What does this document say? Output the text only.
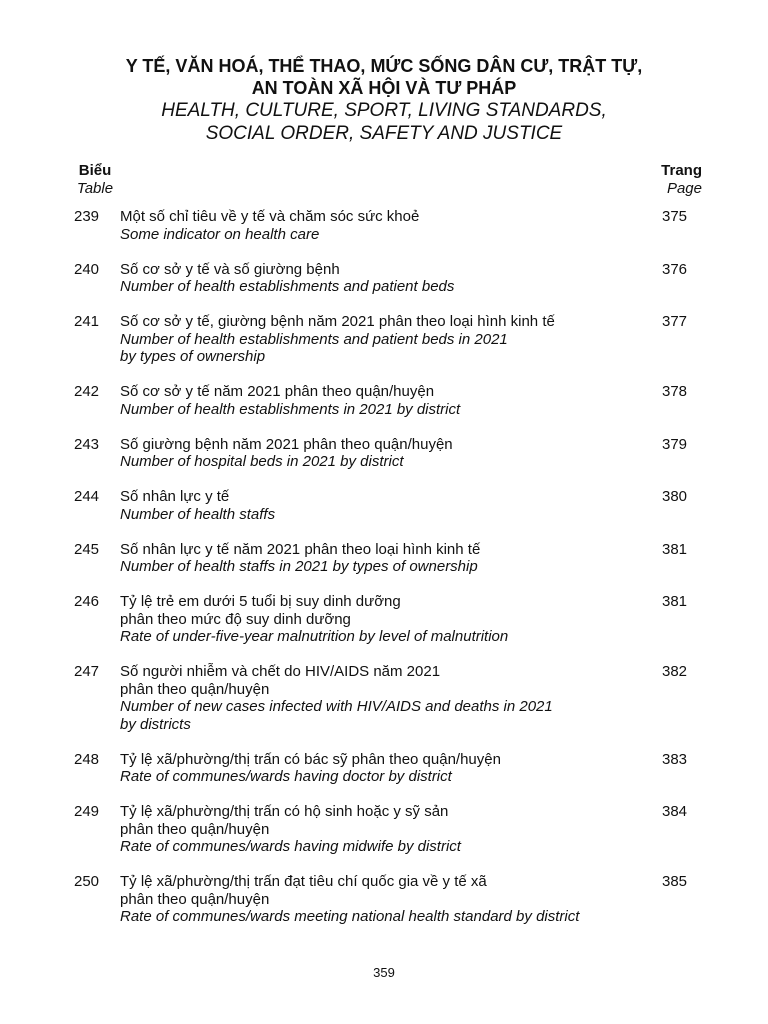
Y TẾ, VĂN HOÁ, THỂ THAO, MỨC SỐNG DÂN CƯ, TRẬT TỰ,

AN TOÀN XÃ HỘI VÀ TƯ PHÁP

HEALTH, CULTURE, SPORT, LIVING STANDARDS,

SOCIAL ORDER, SAFETY AND JUSTICE

Biểu
Table
Trang
Page
239	Một số chỉ tiêu về y tế và chăm sóc sức khoẻ
Some indicator on health care
375
240	Số cơ sở y tế và số giường bệnh
Number of health establishments and patient beds
376
241	Số cơ sở y tế, giường bệnh năm 2021 phân theo loại hình kinh tế
Number of health establishments and patient beds in 2021
by types of ownership
377
242	Số cơ sở y tế năm 2021 phân theo quận/huyện
Number of health establishments in 2021 by district
378
243	Số giường bệnh năm 2021 phân theo quận/huyện
Number of hospital beds in 2021 by district
379
244	Số nhân lực y tế
Number of health staffs
380
245	Số nhân lực y tế năm 2021 phân theo loại hình kinh tế
Number of health staffs in 2021 by types of ownership
381
246	Tỷ lệ trẻ em dưới 5 tuổi bị suy dinh dưỡng
phân theo mức độ suy dinh dưỡng
Rate of under-five-year malnutrition by level of malnutrition
381
247	Số người nhiễm và chết do HIV/AIDS năm 2021
phân theo quận/huyện
Number of new cases infected with HIV/AIDS and deaths in 2021
by districts
382
248	Tỷ lệ xã/phường/thị trấn có bác sỹ phân theo quận/huyện
Rate of communes/wards having doctor by district
383
249	Tỷ lệ xã/phường/thị trấn có hộ sinh hoặc y sỹ sản
phân theo quận/huyện
Rate of communes/wards having midwife by district
384
250	Tỷ lệ xã/phường/thị trấn đạt tiêu chí quốc gia về y tế xã
phân theo quận/huyện
Rate of communes/wards meeting national health standard by district
385
359
